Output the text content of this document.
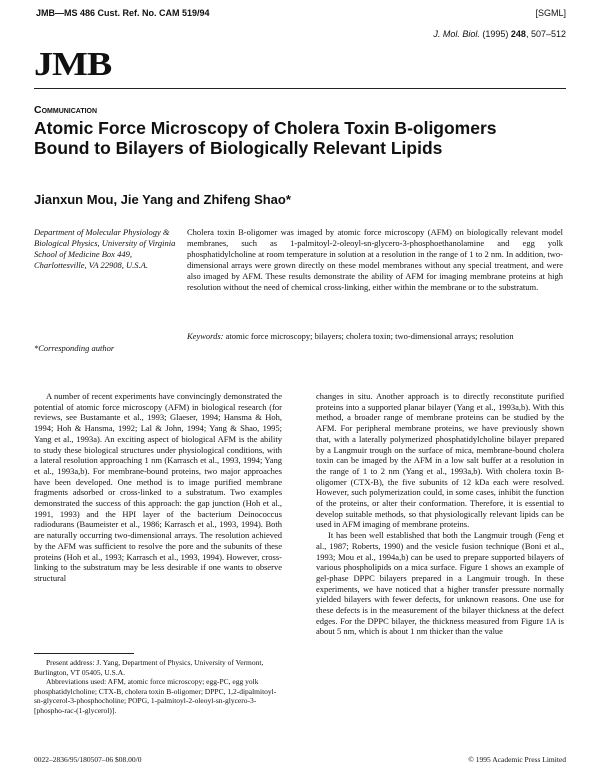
JMB—MS 486 Cust. Ref. No. CAM 519/94	[SGML]
J. Mol. Biol. (1995) 248, 507–512
JMB
Communication
Atomic Force Microscopy of Cholera Toxin B-oligomers Bound to Bilayers of Biologically Relevant Lipids
Jianxun Mou, Jie Yang and Zhifeng Shao*
Department of Molecular Physiology & Biological Physics, University of Virginia School of Medicine Box 449, Charlottesville, VA 22908, U.S.A.
*Corresponding author
Cholera toxin B-oligomer was imaged by atomic force microscopy (AFM) on biologically relevant model membranes, such as 1-palmitoyl-2-oleoyl-sn-glycero-3-phosphoethanolamine and egg yolk phosphatidylcholine at room temperature in solution at a resolution in the range of 1 to 2 nm. In addition, two-dimensional arrays were grown directly on these model membranes without any special treatment, and were also imaged by AFM. These results demonstrate the ability of AFM for imaging membrane proteins at high resolution without the need of chemical cross-linking, either within the membrane or to the substratum.
Keywords: atomic force microscopy; bilayers; cholera toxin; two-dimensional arrays; resolution

A number of recent experiments have convincingly demonstrated the potential of atomic force microscopy (AFM) in biological research (for reviews, see Bustamante et al., 1993; Glaeser, 1994; Hansma & Hoh, 1994; Hoh & Hansma, 1992; Lal & John, 1994; Yang & Shao, 1995; Yang et al., 1993a). An exciting aspect of biological AFM is the ability to study these biological structures under physiological conditions, with a lateral resolution approaching 1 nm (Karrasch et al., 1993, 1994; Yang et al., 1993a,b). For membrane-bound proteins, two major approaches have been developed. One method is to image purified membrane fragments adsorbed or cross-linked to a substratum. Two examples demonstrated the success of this approach: the gap junction (Hoh et al., 1991, 1993) and the HPI layer of the bacterium Deinococcus radiodurans (Baumeister et al., 1986; Karrasch et al., 1993, 1994). Both are naturally occurring two-dimensional arrays. The resolution achieved by the AFM was sufficient to resolve the pore and the subunits of these proteins (Hoh et al., 1993; Karrasch et al., 1993, 1994). However, cross-linking to the substratum may be less desirable if one wants to observe structural

changes in situ. Another approach is to directly reconstitute purified proteins into a supported planar bilayer (Yang et al., 1993a,b). With this method, a broader range of membrane proteins can be studied by the AFM. For peripheral membrane proteins, we have previously shown that, with a laterally polymerized phosphatidylcholine bilayer prepared by a Langmuir trough on the surface of mica, membrane-bound cholera toxin can be imaged by the AFM in a low salt buffer at a resolution in the range of 1 to 2 nm (Yang et al., 1993a,b). With cholera toxin B-oligomer (CTX-B), the five subunits of 12 kDa each were resolved. However, such polymerization could, in some cases, inhibit the function of the proteins, or alter their conformation. Therefore, it is essential to develop suitable methods, so that physiologically relevant lipids can be used in AFM imaging of membrane proteins.

It has been well established that both the Langmuir trough (Feng et al., 1987; Roberts, 1990) and the vesicle fusion technique (Boni et al., 1993; Mou et al., 1994a,b) can be used to prepare supported bilayers of various phospholipids on a mica surface. Figure 1 shows an example of gel-phase DPPC bilayers prepared in a Langmuir trough. In these experiments, we have noticed that a higher transfer pressure normally yielded bilayers with fewer defects, for unknown reasons. One use for these defects is in the measurement of the bilayer thickness at the defect edges. For the DPPC bilayer, the thickness measured from Figure 1A is about 5 nm, which is about 1 nm thicker than the value

Present address: J. Yang, Department of Physics, University of Vermont, Burlington, VT 05405, U.S.A.

Abbreviations used: AFM, atomic force microscopy; egg-PC, egg yolk phosphatidylcholine; CTX-B, cholera toxin B-oligomer; DPPC, 1,2-dipalmitoyl-sn-glycerol-3-phosphocholine; POPG, 1-palmitoyl-2-oleoyl-sn-glycero-3-[phospho-rac-(1-glycerol)].

0022–2836/95/180507–06 $08.00/0	© 1995 Academic Press Limited
